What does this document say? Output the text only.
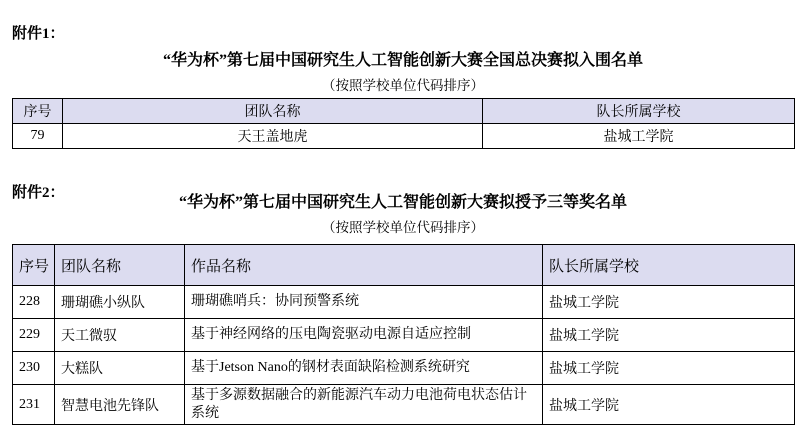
附件1：
“华为杯”第七届中国研究生人工智能创新大赛全国总决赛拟入围名单
（按照学校单位代码排序）
序号	团队名称	队长所属学校
79	天王盖地虎	盐城工学院
附件2：
“华为杯”第七届中国研究生人工智能创新大赛拟授予三等奖名单
（按照学校单位代码排序）
序号	团队名称	作品名称	队长所属学校
228	珊瑚礁小纵队	珊瑚礁哨兵：协同预警系统	盐城工学院
229	天工微驭	基于神经网络的压电陶瓷驱动电源自适应控制	盐城工学院
230	大糕队	基于Jetson Nano的钢材表面缺陷检测系统研究	盐城工学院
231	智慧电池先锋队	基于多源数据融合的新能源汽车动力电池荷电状态估计系统	盐城工学院
